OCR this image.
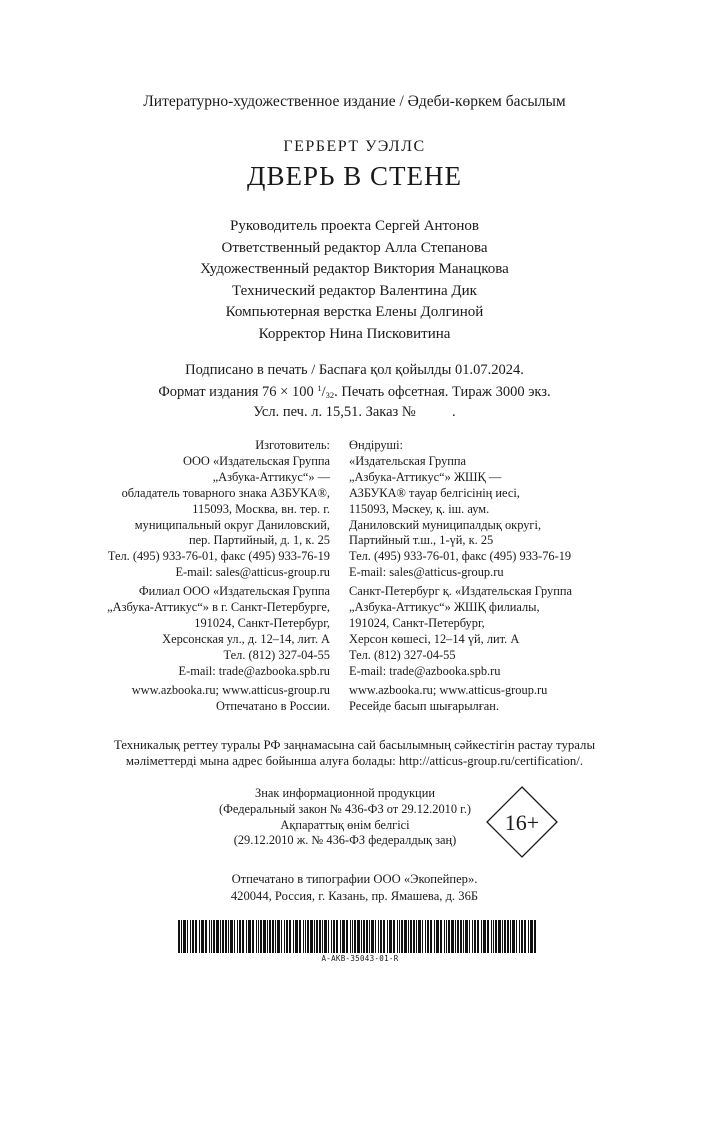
Литературно-художественное издание / Әдеби-көркем басылым
ГЕРБЕРТ УЭЛЛС
ДВЕРЬ В СТЕНЕ
Руководитель проекта Сергей Антонов
Ответственный редактор Алла Степанова
Художественный редактор Виктория Манацкова
Технический редактор Валентина Дик
Компьютерная верстка Елены Долгиной
Корректор Нина Писковитина
Подписано в печать / Баспаға қол қойылды 01.07.2024.
Формат издания 76 × 100 $^1/_{32}$. Печать офсетная. Тираж 3000 экз.
Усл. печ. л. 15,51. Заказ №          .
Изготовитель:
ООО «Издательская Группа
„Азбука-Аттикус“» —
обладатель товарного знака АЗБУКА®,
115093, Москва, вн. тер. г.
муниципальный округ Даниловский,
пер. Партийный, д. 1, к. 25
Тел. (495) 933-76-01, факс (495) 933-76-19
E-mail: sales@atticus-group.ru
Өндіруші:
«Издательская Группа
„Азбука-Аттикус“» ЖШҚ —
АЗБУКА® тауар белгісінің иесі,
115093, Мәскеу, қ. іш. аум.
Даниловский муниципалдық округі,
Партийный т.ш., 1-үй, к. 25
Тел. (495) 933-76-01, факс (495) 933-76-19
E-mail: sales@atticus-group.ru
Филиал ООО «Издательская Группа
„Азбука-Аттикус“» в г. Санкт-Петербурге,
191024, Санкт-Петербург,
Херсонская ул., д. 12–14, лит. А
Тел. (812) 327-04-55
E-mail: trade@azbooka.spb.ru
Санкт-Петербург қ. «Издательская Группа
„Азбука-Аттикус“» ЖШҚ филиалы,
191024, Санкт-Петербург,
Херсон көшесі, 12–14 үй, лит. А
Тел. (812) 327-04-55
E-mail: trade@azbooka.spb.ru
www.azbooka.ru; www.atticus-group.ru
Отпечатано в России.
www.azbooka.ru; www.atticus-group.ru
Ресейде басып шығарылған.
Техникалық реттеу туралы РФ заңнамасына сай басылымның сәйкестігін растау туралы
мәліметтерді мына адрес бойынша алуға болады: http://atticus-group.ru/certification/.
Знак информационной продукции
(Федеральный закон № 436-ФЗ от 29.12.2010 г.)
Ақпараттық өнім белгісі
(29.12.2010 ж. № 436-ФЗ федералдық заң)
16+
Отпечатано в типографии ООО «Экопейпер».
420044, Россия, г. Казань, пр. Ямашева, д. 36Б
A-AKB-35043-01-R
